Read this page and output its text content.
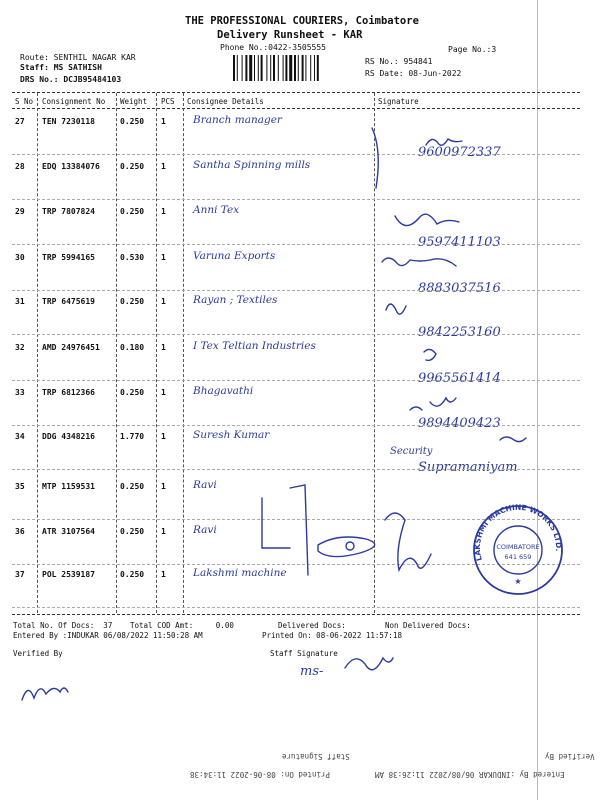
THE PROFESSIONAL COURIERS, Coimbatore
Delivery Runsheet - KAR
Phone No.:0422-3505555	Page No.:3
Route: SENTHIL NAGAR KAR
Staff: MS SATHISH
DRS No.: DCJB95484103
RS No.: 954841
RS Date: 08-Jun-2022
S No Consignment No Weight PCS Consignee Details	Signature
27 TEN 7230118	0.250 1	Branch manager
9600972337
28 EDQ 13384076	0.250 1	Santha Spinning mills
29 TRP 7807824	0.250 1	Anni Tex
9597411103
30 TRP 5994165	0.530 1	Varuna Exports
8883037516
31 TRP 6475619	0.250 1	Rayan ; Textiles
9842253160
32 AMD 24976451	0.180 1	I Tex Teltian Industries
9965561414
33 TRP 6812366	0.250 1	Bhagavathi
9894409423
34 DDG 4348216	1.770 1	Suresh Kumar
Security
Supramaniyam
35 MTP 1159531	0.250 1	Ravi
36 ATR 3107564	0.250 1	Ravi
37 POL 2539187	0.250 1	Lakshmi machine
LAKSHMI MACHINE WORKS LTD.
COIMBATORE
641 659
★
Total No. Of Docs:  37 Total COD Amt:     0.00	Delivered Docs:	Non Delivered Docs:
Entered By :INDUKAR 06/08/2022 11:50:28 AM	Printed On: 08-06-2022 11:57:18
Verified By	Staff Signature
ms-
Verified By
Staff Signature
Entered By :INDUKAR 06/08/2022 11:26:38 AM
Printed On: 08-06-2022 11:34:38
